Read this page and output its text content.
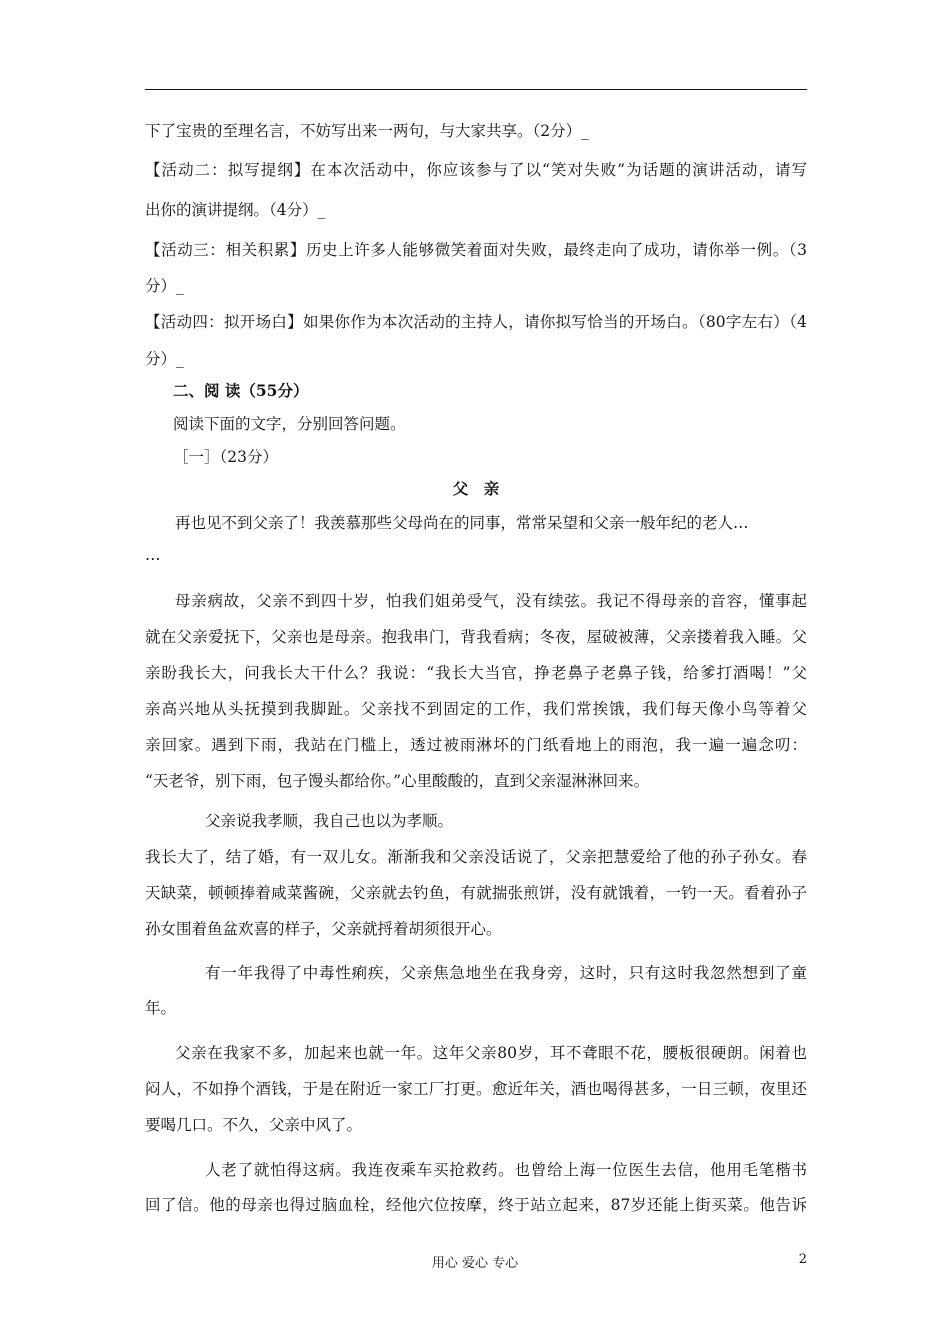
下了宝贵的至理名言，不妨写出来一两句，与大家共享。（2分）_
【活动二：拟写提纲】在本次活动中，你应该参与了以“笑对失败”为话题的演讲活动，请写
出你的演讲提纲。（4分）_
【活动三：相关积累】历史上许多人能够微笑着面对失败，最终走向了成功，请你举一例。（3
分）_
【活动四：拟开场白】如果你作为本次活动的主持人，请你拟写恰当的开场白。（80字左右）（4
分）_
二、阅 读（55分）
阅读下面的文字，分别回答问题。
［一］（23分）
父　亲
再也见不到父亲了！我羡慕那些父母尚在的同事，常常呆望和父亲一般年纪的老人…
…
母亲病故，父亲不到四十岁，怕我们姐弟受气，没有续弦。我记不得母亲的音容，懂事起
就在父亲爱抚下，父亲也是母亲。抱我串门，背我看病；冬夜，屋破被薄，父亲搂着我入睡。父
亲盼我长大，问我长大干什么？我说：“我长大当官，挣老鼻子老鼻子钱，给爹打酒喝！”父
亲高兴地从头抚摸到我脚趾。父亲找不到固定的工作，我们常挨饿，我们每天像小鸟等着父
亲回家。遇到下雨，我站在门槛上，透过被雨淋坏的门纸看地上的雨泡，我一遍一遍念叨：
“天老爷，别下雨，包子馒头都给你。”心里酸酸的，直到父亲湿淋淋回来。
父亲说我孝顺，我自己也以为孝顺。
我长大了，结了婚，有一双儿女。渐渐我和父亲没话说了，父亲把慧爱给了他的孙子孙女。春
天缺菜，顿顿捧着咸菜酱碗，父亲就去钓鱼，有就揣张煎饼，没有就饿着，一钓一天。看着孙子
孙女围着鱼盆欢喜的样子，父亲就捋着胡须很开心。
有一年我得了中毒性痢疾，父亲焦急地坐在我身旁，这时，只有这时我忽然想到了童
年。
父亲在我家不多，加起来也就一年。这年父亲80岁，耳不聋眼不花，腰板很硬朗。闲着也
闷人，不如挣个酒钱，于是在附近一家工厂打更。愈近年关，酒也喝得甚多，一日三顿，夜里还
要喝几口。不久，父亲中风了。
人老了就怕得这病。我连夜乘车买抢救药。也曾给上海一位医生去信，他用毛笔楷书
回了信。他的母亲也得过脑血栓，经他穴位按摩，终于站立起来，87岁还能上街买菜。他告诉
用心 爱心 专心	2
